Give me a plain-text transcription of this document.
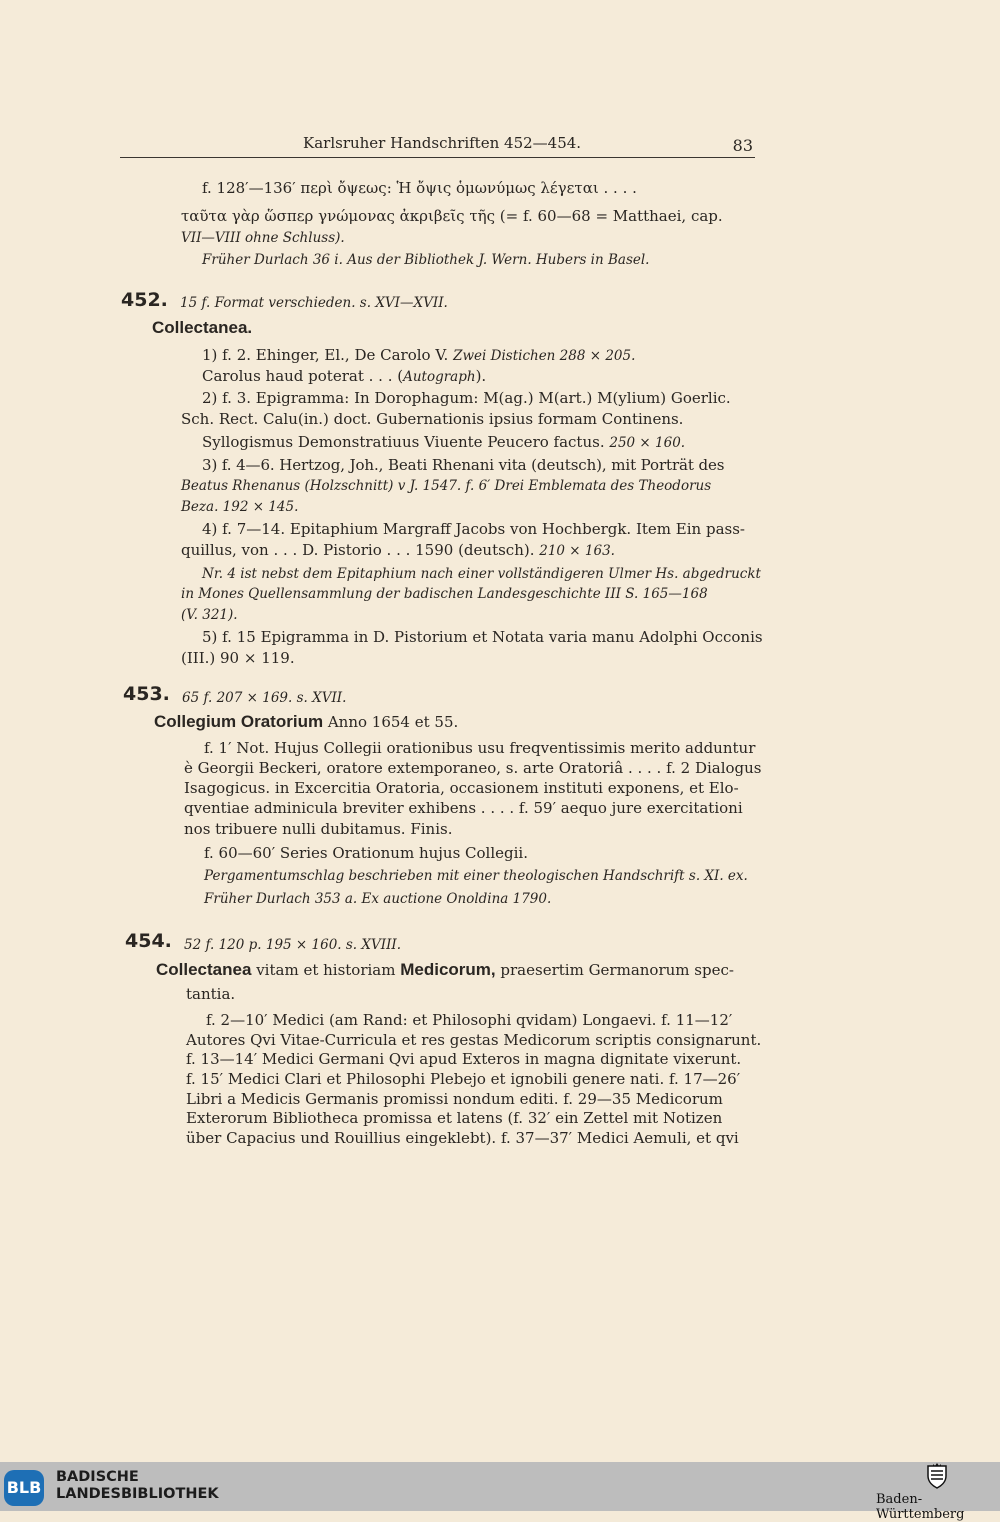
Karlsruher Handschriften 452—454.	83
f. 128′—136′ περὶ ὄψεως: Ἡ ὄψις ὁμωνύμως λέγεται . . . .
ταῦτα γὰρ ὥσπερ γνώμονας ἀκριβεῖς τῆς (= f. 60—68 = Matthaei, cap.
VII—VIII ohne Schluss).
Früher Durlach 36 i. Aus der Bibliothek J. Wern. Hubers in Basel.
452. 15 f. Format verschieden. s. XVI—XVII.
Collectanea.
1) f. 2. Ehinger, El., De Carolo V. Zwei Distichen 288 × 205.
Carolus haud poterat . . . (Autograph).
2) f. 3. Epigramma: In Dorophagum: M(ag.) M(art.) M(ylium) Goerlic.
Sch. Rect. Calu(in.) doct. Gubernationis ipsius formam Continens.
Syllogismus Demonstratiuus Viuente Peucero factus. 250 × 160.
3) f. 4—6. Hertzog, Joh., Beati Rhenani vita (deutsch), mit Porträt des
Beatus Rhenanus (Holzschnitt) v J. 1547. f. 6′ Drei Emblemata des Theodorus
Beza. 192 × 145.
4) f. 7—14. Epitaphium Margraff Jacobs von Hochbergk. Item Ein pass-
quillus, von . . . D. Pistorio . . . 1590 (deutsch). 210 × 163.
Nr. 4 ist nebst dem Epitaphium nach einer vollständigeren Ulmer Hs. abgedruckt
in Mones Quellensammlung der badischen Landesgeschichte III S. 165—168
(V. 321).
5) f. 15 Epigramma in D. Pistorium et Notata varia manu Adolphi Occonis
(III.) 90 × 119.
453. 65 f. 207 × 169. s. XVII.
Collegium Oratorium Anno 1654 et 55.
f. 1′ Not. Hujus Collegii orationibus usu freqventissimis merito adduntur
è Georgii Beckeri, oratore extemporaneo, s. arte Oratoriâ . . . . f. 2 Dialogus
Isagogicus. in Excercitia Oratoria, occasionem instituti exponens, et Elo-
qventiae adminicula breviter exhibens . . . . f. 59′ aequo jure exercitationi
nos tribuere nulli dubitamus. Finis.
f. 60—60′ Series Orationum hujus Collegii.
Pergamentumschlag beschrieben mit einer theologischen Handschrift s. XI. ex.
Früher Durlach 353 a. Ex auctione Onoldina 1790.
454. 52 f. 120 p. 195 × 160. s. XVIII.
Collectanea vitam et historiam Medicorum, praesertim Germanorum spec-
tantia.
f. 2—10′ Medici (am Rand: et Philosophi qvidam) Longaevi. f. 11—12′
Autores Qvi Vitae-Curricula et res gestas Medicorum scriptis consignarunt.
f. 13—14′ Medici Germani Qvi apud Exteros in magna dignitate vixerunt.
f. 15′ Medici Clari et Philosophi Plebejo et ignobili genere nati. f. 17—26′
Libri a Medicis Germanis promissi nondum editi. f. 29—35 Medicorum
Exterorum Bibliotheca promissa et latens (f. 32′ ein Zettel mit Notizen
über Capacius und Rouillius eingeklebt). f. 37—37′ Medici Aemuli, et qvi
BLB
BADISCHE
LANDESBIBLIOTHEK	Baden-Württemberg
